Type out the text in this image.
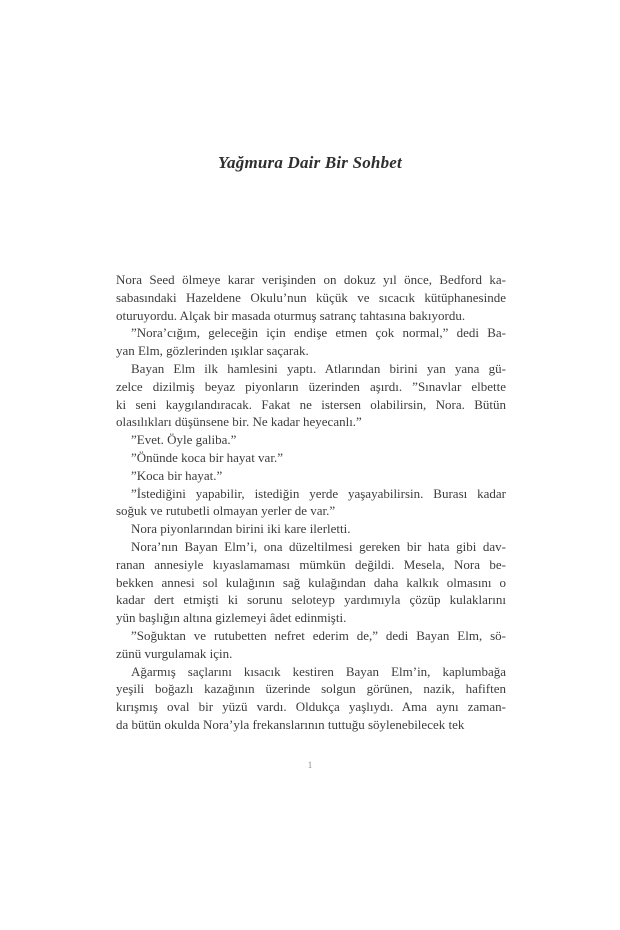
Yağmura Dair Bir Sohbet
Nora Seed ölmeye karar verişinden on dokuz yıl önce, Bedford ka-
sabasındaki Hazeldene Okulu’nun küçük ve sıcacık kütüphanesinde
oturuyordu. Alçak bir masada oturmuş satranç tahtasına bakıyordu.
”Nora’cığım, geleceğin için endişe etmen çok normal,” dedi Ba-
yan Elm, gözlerinden ışıklar saçarak.
Bayan Elm ilk hamlesini yaptı. Atlarından birini yan yana gü-
zelce dizilmiş beyaz piyonların üzerinden aşırdı. ”Sınavlar elbette
ki seni kaygılandıracak. Fakat ne istersen olabilirsin, Nora. Bütün
olasılıkları düşünsene bir. Ne kadar heyecanlı.”
”Evet. Öyle galiba.”
”Önünde koca bir hayat var.”
”Koca bir hayat.”
”İstediğini yapabilir, istediğin yerde yaşayabilirsin. Burası kadar
soğuk ve rutubetli olmayan yerler de var.”
Nora piyonlarından birini iki kare ilerletti.
Nora’nın Bayan Elm’i, ona düzeltilmesi gereken bir hata gibi dav-
ranan annesiyle kıyaslamaması mümkün değildi. Mesela, Nora be-
bekken annesi sol kulağının sağ kulağından daha kalkık olmasını o
kadar dert etmişti ki sorunu seloteyp yardımıyla çözüp kulaklarını
yün başlığın altına gizlemeyi âdet edinmişti.
”Soğuktan ve rutubetten nefret ederim de,” dedi Bayan Elm, sö-
zünü vurgulamak için.
Ağarmış saçlarını kısacık kestiren Bayan Elm’in, kaplumbağa
yeşili boğazlı kazağının üzerinde solgun görünen, nazik, hafiften
kırışmış oval bir yüzü vardı. Oldukça yaşlıydı. Ama aynı zaman-
da bütün okulda Nora’yla frekanslarının tuttuğu söylenebilecek tek
1
